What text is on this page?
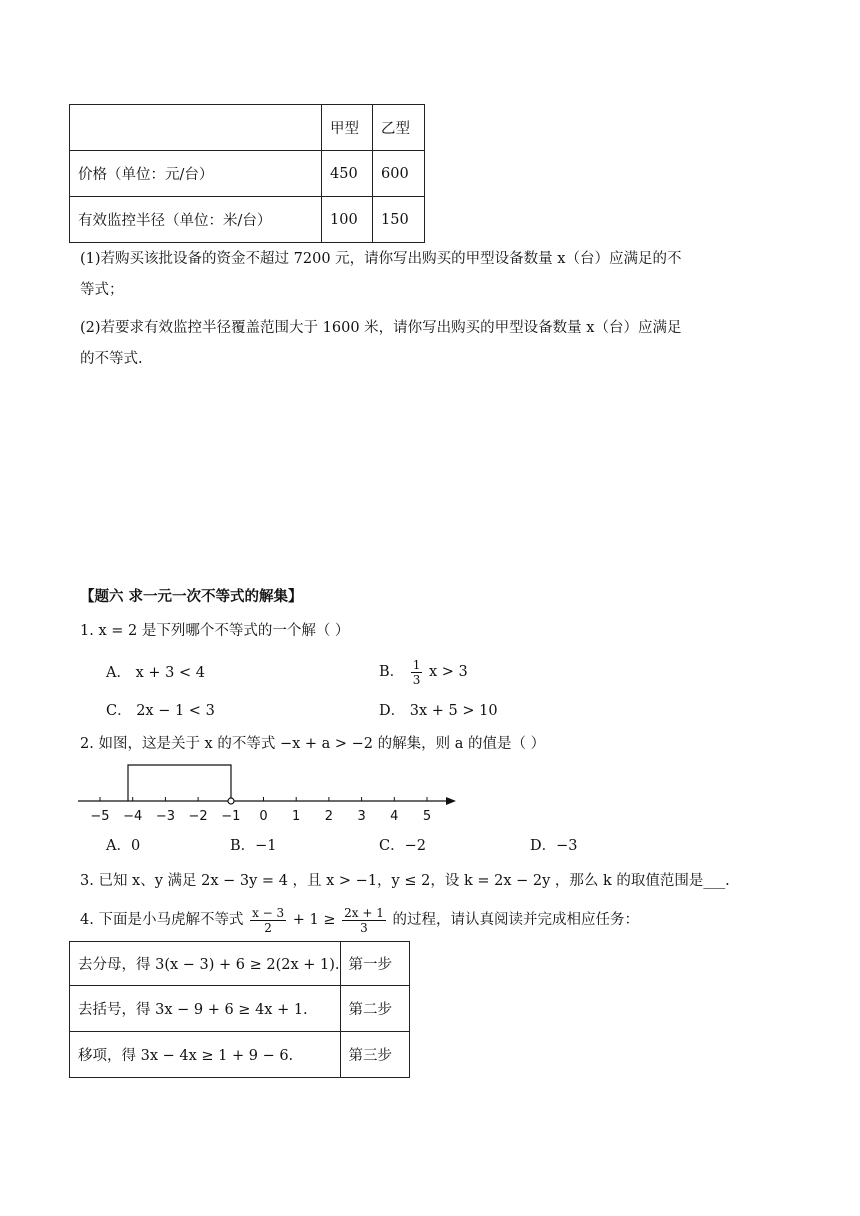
	甲型	乙型
价格（单位：元/台）	450	600
有效监控半径（单位：米/台）	100	150
(1)若购买该批设备的资金不超过 7200 元，请你写出购买的甲型设备数量 x（台）应满足的不
等式；
(2)若要求有效监控半径覆盖范围大于 1600 米，请你写出购买的甲型设备数量 x（台）应满足
的不等式.
【题六 求一元一次不等式的解集】
1. x = 2 是下列哪个不等式的一个解（ ）
A． x + 3 < 4	B． $\frac{1}{3}$ x > 3
C． 2x − 1 < 3	D． 3x + 5 > 10
2. 如图，这是关于 x 的不等式 −x + a > −2 的解集，则 a 的值是（ ）
−5 −4 −3 −2 −1 0 1 2 3 4 5
A．0	B．−1	C．−2	D．−3
3. 已知 x、y 满足 2x − 3y = 4 ，且 x > −1，y ≤ 2，设 k = 2x − 2y ，那么 k 的取值范围是___.
4. 下面是小马虎解不等式 $\frac{x - 3}{2} + 1 \ge \frac{2x + 1}{3}$ 的过程，请认真阅读并完成相应任务：
去分母，得 3(x − 3) + 6 ≥ 2(2x + 1).	第一步
去括号，得 3x − 9 + 6 ≥ 4x + 1.	第二步
移项，得 3x − 4x ≥ 1 + 9 − 6.	第三步
